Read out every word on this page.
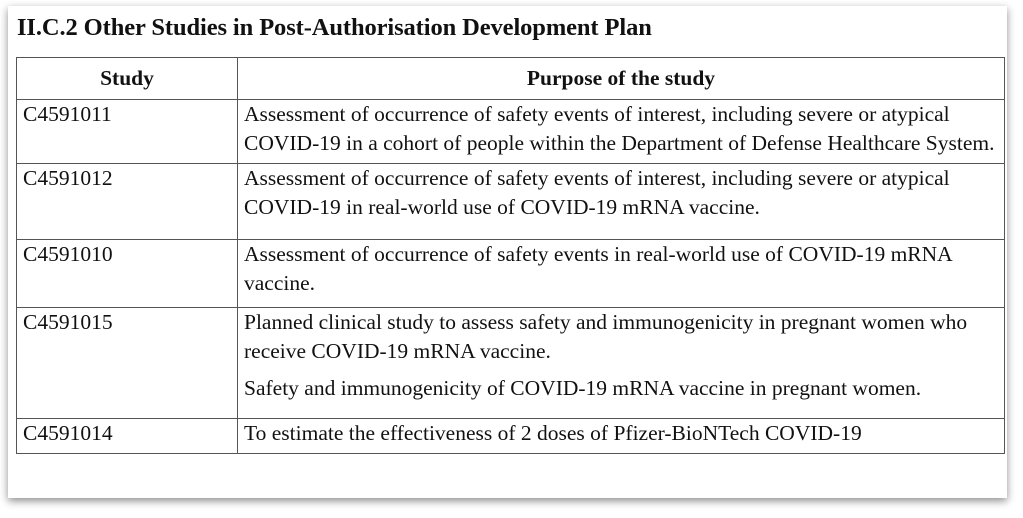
II.C.2 Other Studies in Post-Authorisation Development Plan
Study	Purpose of the study
C4591011	Assessment of occurrence of safety events of interest, including severe or atypical COVID-19 in a cohort of people within the Department of Defense Healthcare System.

C4591012	Assessment of occurrence of safety events of interest, including severe or atypical COVID-19 in real-world use of COVID-19 mRNA vaccine.

C4591010	Assessment of occurrence of safety events in real-world use of COVID-19 mRNA vaccine.

C4591015	Planned clinical study to assess safety and immunogenicity in pregnant women who receive COVID-19 mRNA vaccine.

Safety and immunogenicity of COVID-19 mRNA vaccine in pregnant women.

C4591014	To estimate the effectiveness of 2 doses of Pfizer-BioNTech COVID-19
